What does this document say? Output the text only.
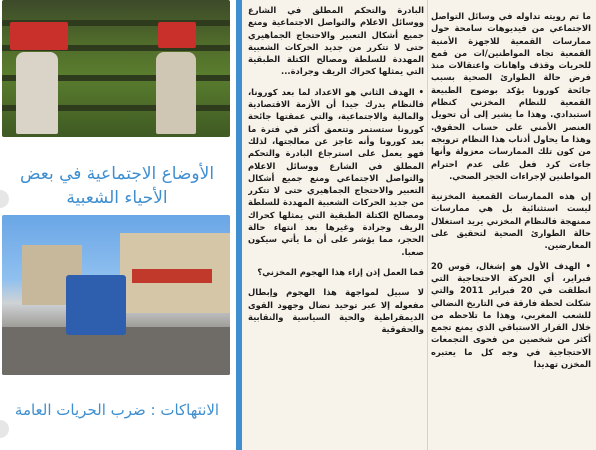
الأوضاع الاجتماعية في بعض الأحياء الشعبية
الانتهاكات : ضرب الحريات العامة

ما تم رويته تداوله في وسائل التواصل الاجتماعي من فيديوهات سامحة حول ممارسات القمعية للاجهزة الأمنية القمعية تجاه المواطنين/ات من قمع للحريات وقذف واهانات واعتقالات منذ فرض حالة الطوارئ الصحية بسبب جائحة كورونا يؤكد بوضوح الطبيعة القمعية للنظام المخزني كنظام استبدادي. وهذا ما يشير إلى أن تحويل العنصر الأمني على حساب الحقوق. وهذا ما يحاول أذناب هذا النظام ترويجه من كون تلك الممارسات معزولة وأنها جاءت كرد فعل على عدم احترام المواطنين لإجراءات الحجر الصحي.

إن هذه الممارسات القمعية المخزنية ليست استثنائية بل هي ممارسات ممنهجة فالنظام المخزني يريد استغلال حالة الطوارئ الصحية لتحقيق على المعارضين.

• الهدف الأول هو إشغال، قوس 20 فبراير، أي الحركة الاحتجاجية التي انطلقت في 20 فبراير 2011 والتي شكلت لحظة فارقة في التاريخ النضالي للشعب المغربي، وهذا ما تلاحظه من خلال القرار الاستباقي الذي يمنع تجمع أكثر من شخصين من فحوى التجمعات الاحتجاجية في وجه كل ما يعتبره المخزن تهديدا

البادرة والتحكم المطلق في الشارع ووسائل الاعلام والتواصل الاجتماعية ومنع جميع أشكال التعبير والاحتجاج الجماهيري حتى لا تتكرر من جديد الحركات الشعبية المهددة للسلطة ومصالح الكتلة الطبقية التي يمثلها كحراك الريف وجرادة...

• الهدف الثاني هو الاعداد لما بعد كورونا، فالنظام يدرك جيدا أن الأزمة الاقتصادية والمالية والاجتماعية، والتي عمقتها جائحة كورونا ستستمر وتتعمق أكثر في فترة ما بعد كورونا وأنه عاجز عن معالجتها، لذلك فهو يعمل على استرجاع البادرة والتحكم المطلق في الشارع ووسائل الاعلام والتواصل الاجتماعي ومنع جميع أشكال التعبير والاحتجاج الجماهيري حتى لا تتكرر من جديد الحركات الشعبية المهددة للسلطة ومصالح الكتلة الطبقية التي يمثلها كحراك الريف وجرادة وغيرها بعد انتهاء حالة الحجر، مما يؤشر على أن ما يأتي سيكون صعبا.

فما العمل إذن إزاء هذا الهجوم المخزني؟

لا سبيل لمواجهة هذا الهجوم وإبطال مفعوله إلا عبر توحيد نضال وجهود القوى الديمقراطية والحية السياسية والنقابية والحقوقية
